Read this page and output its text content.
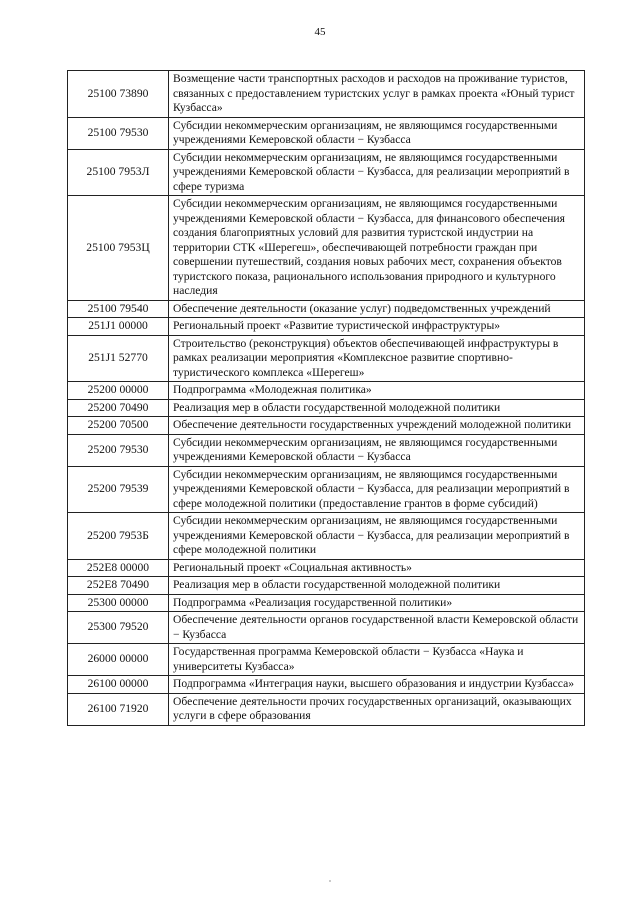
45
25100 73890	Возмещение части транспортных расходов и расходов на проживание туристов, связанных с предоставлением туристских услуг в рамках проекта «Юный турист Кузбасса»
25100 79530	Субсидии некоммерческим организациям, не являющимся государственными учреждениями Кемеровской области − Кузбасса
25100 7953Л	Субсидии некоммерческим организациям, не являющимся государственными учреждениями Кемеровской области − Кузбасса, для реализации мероприятий в сфере туризма
25100 7953Ц	Субсидии некоммерческим организациям, не являющимся государственными учреждениями Кемеровской области − Кузбасса, для финансового обеспечения создания благоприятных условий для развития туристской индустрии на территории СТК «Шерегеш», обеспечивающей потребности граждан при совершении путешествий, создания новых рабочих мест, сохранения объектов туристского показа, рационального использования природного и культурного наследия
25100 79540	Обеспечение деятельности (оказание услуг) подведомственных учреждений
251J1 00000	Региональный проект «Развитие туристической инфраструктуры»
251J1 52770	Строительство (реконструкция) объектов обеспечивающей инфраструктуры в рамках реализации мероприятия «Комплексное развитие спортивно-туристического комплекса «Шерегеш»
25200 00000	Подпрограмма «Молодежная политика»
25200 70490	Реализация мер в области государственной молодежной политики
25200 70500	Обеспечение деятельности государственных учреждений молодежной политики
25200 79530	Субсидии некоммерческим организациям, не являющимся государственными учреждениями Кемеровской области − Кузбасса
25200 79539	Субсидии некоммерческим организациям, не являющимся государственными учреждениями Кемеровской области − Кузбасса, для реализации мероприятий в сфере молодежной политики (предоставление грантов в форме субсидий)
25200 7953Б	Субсидии некоммерческим организациям, не являющимся государственными учреждениями Кемеровской области − Кузбасса, для реализации мероприятий в сфере молодежной политики
252E8 00000	Региональный проект «Социальная активность»
252E8 70490	Реализация мер в области государственной молодежной политики
25300 00000	Подпрограмма «Реализация государственной политики»
25300 79520	Обеспечение деятельности органов государственной власти Кемеровской области − Кузбасса
26000 00000	Государственная программа Кемеровской области − Кузбасса «Наука и университеты Кузбасса»
26100 00000	Подпрограмма «Интеграция науки, высшего образования и индустрии Кузбасса»
26100 71920	Обеспечение деятельности прочих государственных организаций, оказывающих услуги в сфере образования
